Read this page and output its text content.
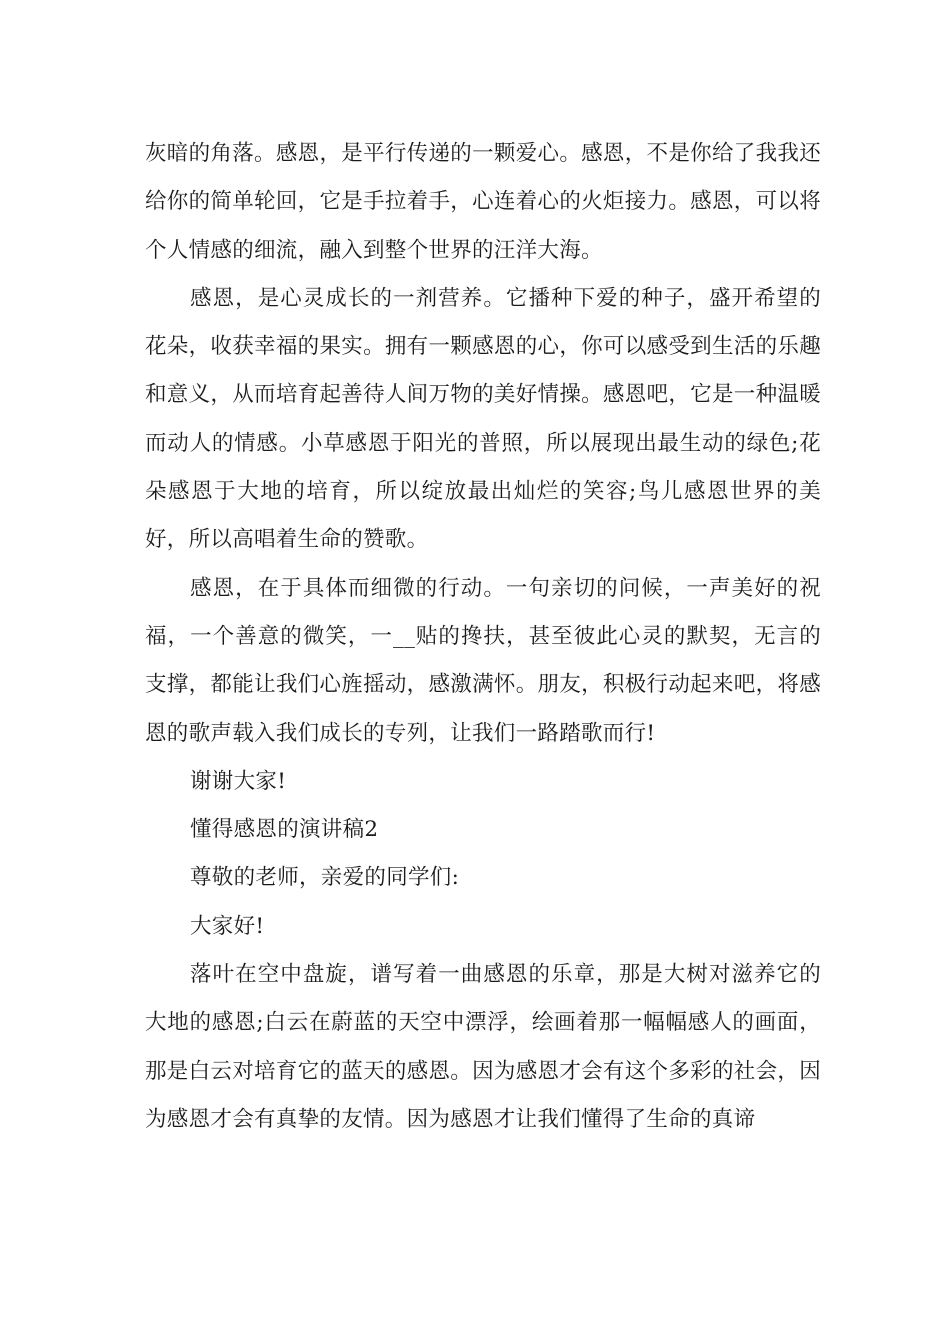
灰暗的角落。感恩，是平行传递的一颗爱心。感恩，不是你给了我我还给你的简单轮回，它是手拉着手，心连着心的火炬接力。感恩，可以将个人情感的细流，融入到整个世界的汪洋大海。

感恩，是心灵成长的一剂营养。它播种下爱的种子，盛开希望的花朵，收获幸福的果实。拥有一颗感恩的心，你可以感受到生活的乐趣和意义，从而培育起善待人间万物的美好情操。感恩吧，它是一种温暖而动人的情感。小草感恩于阳光的普照，所以展现出最生动的绿色;花朵感恩于大地的培育，所以绽放最出灿烂的笑容;鸟儿感恩世界的美好，所以高唱着生命的赞歌。

感恩，在于具体而细微的行动。一句亲切的问候，一声美好的祝福，一个善意的微笑，一__贴的搀扶，甚至彼此心灵的默契，无言的支撑，都能让我们心旌摇动，感激满怀。朋友，积极行动起来吧，将感恩的歌声载入我们成长的专列，让我们一路踏歌而行!

谢谢大家!

懂得感恩的演讲稿2

尊敬的老师，亲爱的同学们:

大家好!

落叶在空中盘旋，谱写着一曲感恩的乐章，那是大树对滋养它的大地的感恩;白云在蔚蓝的天空中漂浮，绘画着那一幅幅感人的画面，那是白云对培育它的蓝天的感恩。因为感恩才会有这个多彩的社会，因为感恩才会有真挚的友情。因为感恩才让我们懂得了生命的真谛
